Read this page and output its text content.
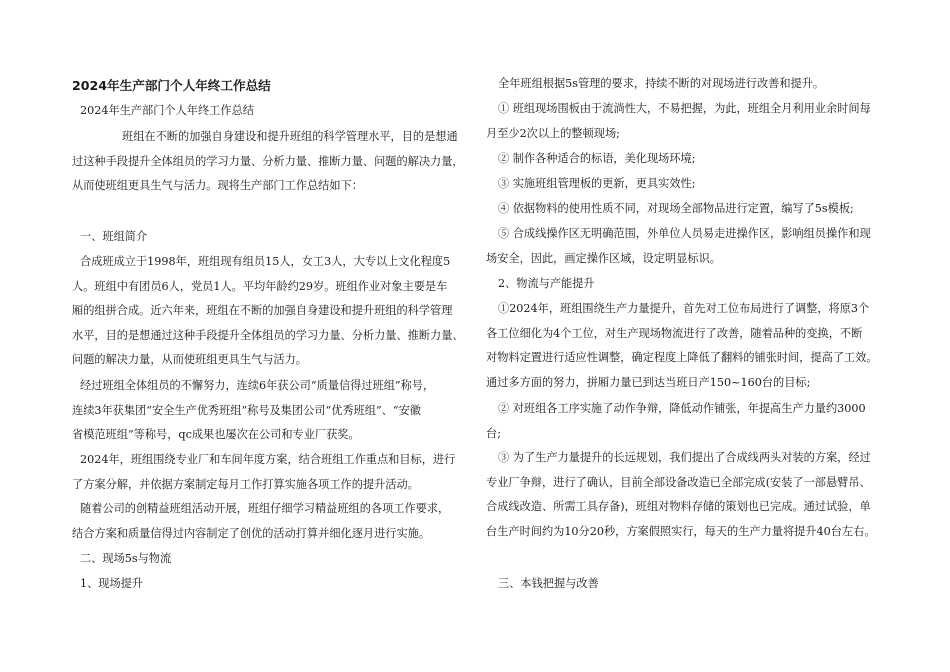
2024年生产部门个人年终工作总结
2024年生产部门个人年终工作总结
班组在不断的加强自身建设和提升班组的科学管理水平，目的是想通
过这种手段提升全体组员的学习力量、分析力量、推断力量、问题的解决力量，
从而使班组更具生气与活力。现将生产部门工作总结如下：
一、班组简介
合成班成立于1998年，班组现有组员15人，女工3人，大专以上文化程度5
人。班组中有团员6人，党员1人。平均年龄约29岁。班组作业对象主要是车
厢的组拼合成。近六年来，班组在不断的加强自身建设和提升班组的科学管理
水平，目的是想通过这种手段提升全体组员的学习力量、分析力量、推断力量、
问题的解决力量，从而使班组更具生气与活力。
经过班组全体组员的不懈努力，连续6年获公司“质量信得过班组”称号，
连续3年获集团“安全生产优秀班组”称号及集团公司“优秀班组”、“安徽
省模范班组”等称号，qc成果也屡次在公司和专业厂获奖。
2024年，班组围绕专业厂和车间年度方案，结合班组工作重点和目标，进行
了方案分解，并依据方案制定每月工作打算实施各项工作的提升活动。
随着公司的创精益班组活动开展，班组仔细学习精益班组的各项工作要求，
结合方案和质量信得过内容制定了创优的活动打算并细化逐月进行实施。
二、现场5s与物流
1、现场提升
全年班组根据5s管理的要求，持续不断的对现场进行改善和提升。
① 班组现场围板由于流淌性大，不易把握，为此，班组全月利用业余时间每
月至少2次以上的整顿现场;
② 制作各种适合的标语，美化现场环境;
③ 实施班组管理板的更新，更具实效性;
④ 依据物料的使用性质不同，对现场全部物品进行定置，编写了5s模板;
⑤ 合成线操作区无明确范围，外单位人员易走进操作区，影响组员操作和现
场安全，因此，画定操作区域，设定明显标识。
2、物流与产能提升
①2024年，班组围绕生产力量提升，首先对工位布局进行了调整，将原3个
各工位细化为4个工位，对生产现场物流进行了改善，随着品种的变换，不断
对物料定置进行适应性调整，确定程度上降低了翻料的铺张时间，提高了工效。
通过多方面的努力，拼厢力量已到达当班日产150~160台的目标;
② 对班组各工序实施了动作争辩，降低动作铺张，年提高生产力量约3000
台;
③ 为了生产力量提升的长远规划，我们提出了合成线两头对装的方案，经过
专业厂争辩，进行了确认，目前全部设备改造已全部完成(安装了一部悬臂吊、
合成线改造、所需工具存备)，班组对物料存储的策划也已完成。通过试验，单
台生产时间约为10分20秒，方案假照实行，每天的生产力量将提升40台左右。
三、本钱把握与改善
